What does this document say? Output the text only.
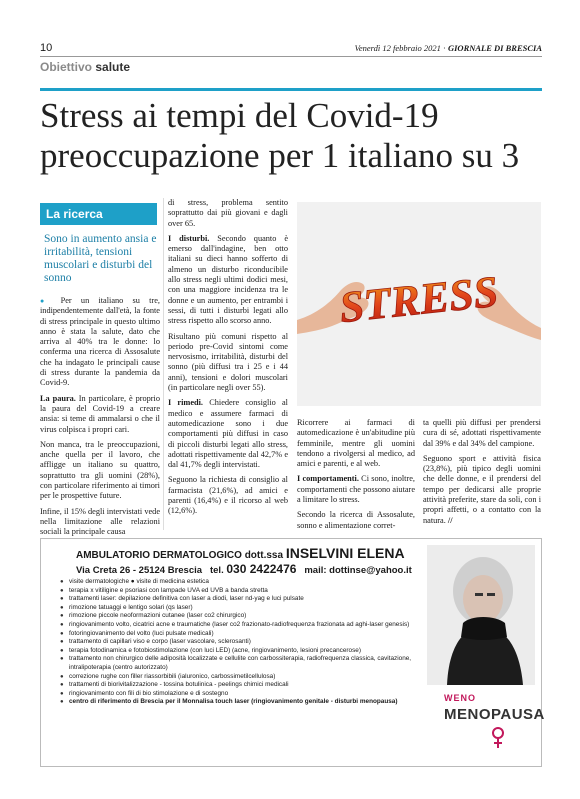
10	Venerdì 12 febbraio 2021 · GIORNALE DI BRESCIA
Obiettivo salute
Stress ai tempi del Covid-19
preoccupazione per 1 italiano su 3
La ricerca
Sono in aumento ansia e irritabilità, tensioni muscolari e disturbi del sonno

● Per un italiano su tre, indipendentemente dall'età, la fonte di stress principale in questo ultimo anno è stata la salute, dato che arriva al 40% tra le donne: lo conferma una ricerca di Assosalute che ha indagato le principali cause di stress durante la pandemia da Covid-9.

La paura. In particolare, è proprio la paura del Covid-19 a creare ansia: si teme di ammalarsi o che il virus colpisca i propri cari.

Non manca, tra le preoccupazioni, anche quella per il lavoro, che affligge un italiano su quattro, soprattutto tra gli uomini (28%), con particolare riferimento ai timori per le prospettive future.

Infine, il 15% degli intervistati vede nella limitazione alle relazioni sociali la principale causa

di stress, problema sentito soprattutto dai più giovani e dagli over 65.

I disturbi. Secondo quanto è emerso dall'indagine, ben otto italiani su dieci hanno sofferto di almeno un disturbo riconducibile allo stress negli ultimi dodici mesi, con una maggiore incidenza tra le donne e un aumento, per entrambi i sessi, di tutti i disturbi legati allo stress rispetto allo scorso anno.

Risultano più comuni rispetto al periodo pre-Covid sintomi come nervosismo, irritabilità, disturbi del sonno (più diffusi tra i 25 e i 44 anni), tensioni e dolori muscolari (in particolare negli over 55).

I rimedi. Chiedere consiglio al medico e assumere farmaci di automedicazione sono i due comportamenti più diffusi in caso di piccoli disturbi legati allo stress, adottati rispettivamente dal 42,7% e dal 41,7% degli intervistati.

Seguono la richiesta di consiglio al farmacista (21,6%), ad amici e parenti (16,4%) e il ricorso al web (12,6%).

STRESS

Ricorrere ai farmaci di automedicazione è un'abitudine più femminile, mentre gli uomini tendono a rivolgersi al medico, ad amici e parenti, e al web.

I comportamenti. Ci sono, inoltre, comportamenti che possono aiutare a limitare lo stress.

Secondo la ricerca di Assosalute, sonno e alimentazione corret-

ta quelli più diffusi per prendersi cura di sé, adottati rispettivamente dal 39% e dal 34% del campione.

Seguono sport e attività fisica (23,8%), più tipico degli uomini che delle donne, e il prendersi del tempo per dedicarsi alle proprie attività preferite, stare da soli, con i propri affetti, o a contatto con la natura. //

AMBULATORIO DERMATOLOGICO dott.ssa INSELVINI ELENA
Via Creta 26 - 25124 Brescia tel. 030 2422476 mail: dottinse@yahoo.it
● visite dermatologiche ● visite di medicina estetica
● terapia x vitiligine e psoriasi con lampade UVA ed UVB a banda stretta
● trattamenti laser: depilazione definitiva con laser a diodi, laser nd-yag e luci pulsate
● rimozione tatuaggi e lentigo solari (qs laser)
● rimozione piccole neoformazioni cutanee (laser co2 chirurgico)
● ringiovanimento volto, cicatrici acne e traumatiche (laser co2 frazionato-radiofrequenza frazionata ad aghi-laser genesis)
● fotoringiovanimento del volto (luci pulsate medicali)
● trattamento di capillari viso e corpo (laser vascolare, sclerosanti)
● terapia fotodinamica e fotobiostimolazione (con luci LED) (acne, ringiovanimento, lesioni precancerose)
● trattamento non chirurgico delle adiposità localizzate e cellulite con carbossiterapia, radiofrequenza classica, cavitazione, intralipoterapia (centro autorizzato)
● correzione rughe con filler riassorbibili (ialuronico, carbossimetilcellulosa)
● trattamenti di biorivitalizzazione - tossina botulinica - peelings chimici medicali
● ringiovanimento con fili di bio stimolazione e di sostegno
● centro di riferimento di Brescia per il Monnalisa touch laser (ringiovanimento genitale - disturbi menopausa)	WENO
MENOPAUSA
